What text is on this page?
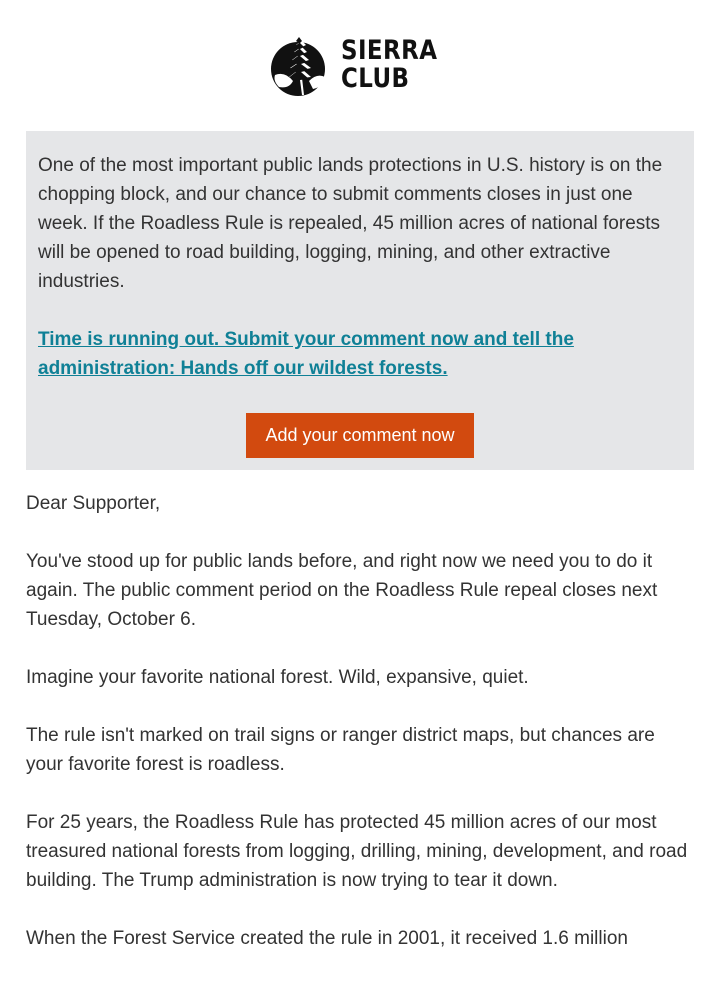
SIERRA
CLUB

One of the most important public lands protections in U.S. history is on the chopping block, and our chance to submit comments closes in just one week. If the Roadless Rule is repealed, 45 million acres of national forests will be opened to road building, logging, mining, and other extractive industries.

Time is running out. Submit your comment now and tell the administration: Hands off our wildest forests.
Add your comment now

Dear Supporter,

You've stood up for public lands before, and right now we need you to do it again. The public comment period on the Roadless Rule repeal closes next Tuesday, October 6.

Imagine your favorite national forest. Wild, expansive, quiet.

The rule isn't marked on trail signs or ranger district maps, but chances are your favorite forest is roadless.

For 25 years, the Roadless Rule has protected 45 million acres of our most treasured national forests from logging, drilling, mining, development, and road building. The Trump administration is now trying to tear it down.

When the Forest Service created the rule in 2001, it received 1.6 million
